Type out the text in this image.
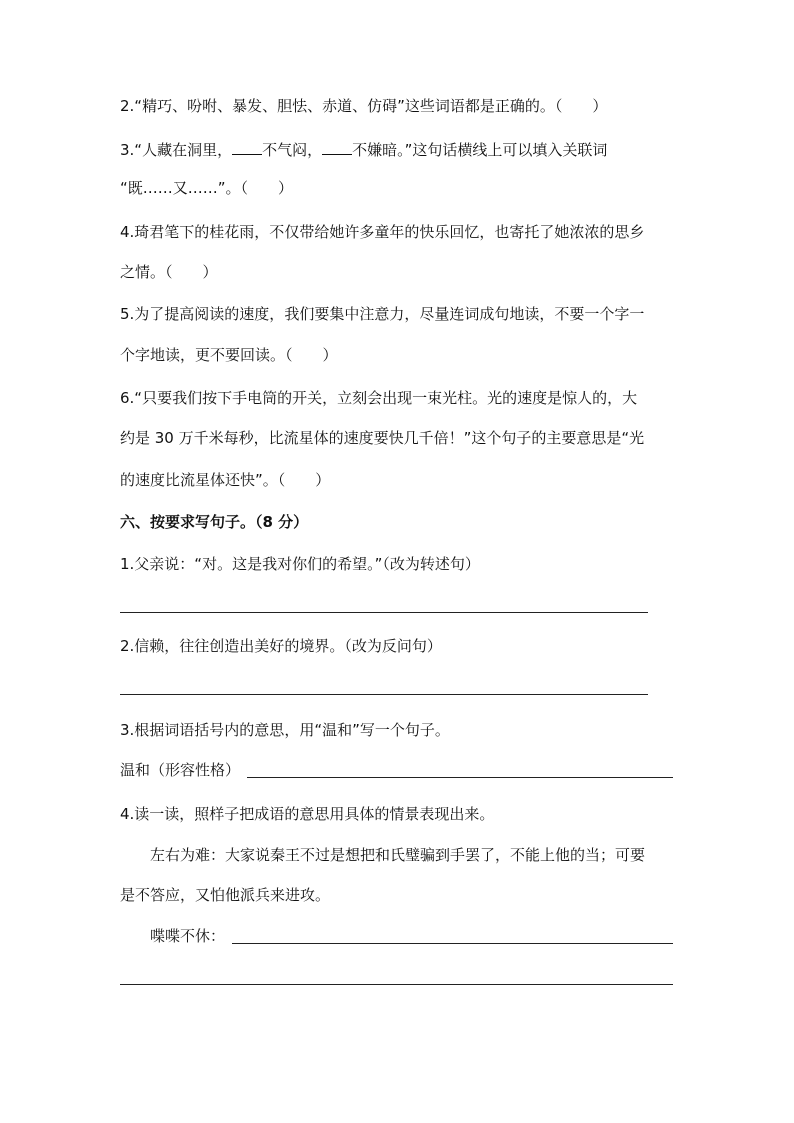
2.“精巧、吩咐、暴发、胆怯、赤道、仿碍”这些词语都是正确的。（　　）
3.“人藏在洞里， 不气闷， 不嫌暗。”这句话横线上可以填入关联词
“既……又……”。（　　）
4.琦君笔下的桂花雨，不仅带给她许多童年的快乐回忆，也寄托了她浓浓的思乡
之情。（　　）
5.为了提高阅读的速度，我们要集中注意力，尽量连词成句地读，不要一个字一
个字地读，更不要回读。（　　）
6.“只要我们按下手电筒的开关，立刻会出现一束光柱。光的速度是惊人的，大
约是 30 万千米每秒，比流星体的速度要快几千倍！”这个句子的主要意思是“光
的速度比流星体还快”。（　　）
六、按要求写句子。（8 分）
1.父亲说：“对。这是我对你们的希望。”（改为转述句）
2.信赖，往往创造出美好的境界。（改为反问句）
3.根据词语括号内的意思，用“温和”写一个句子。
温和（形容性格）
4.读一读，照样子把成语的意思用具体的情景表现出来。
左右为难：大家说秦王不过是想把和氏璧骗到手罢了，不能上他的当；可要
是不答应，又怕他派兵来进攻。
喋喋不休：
